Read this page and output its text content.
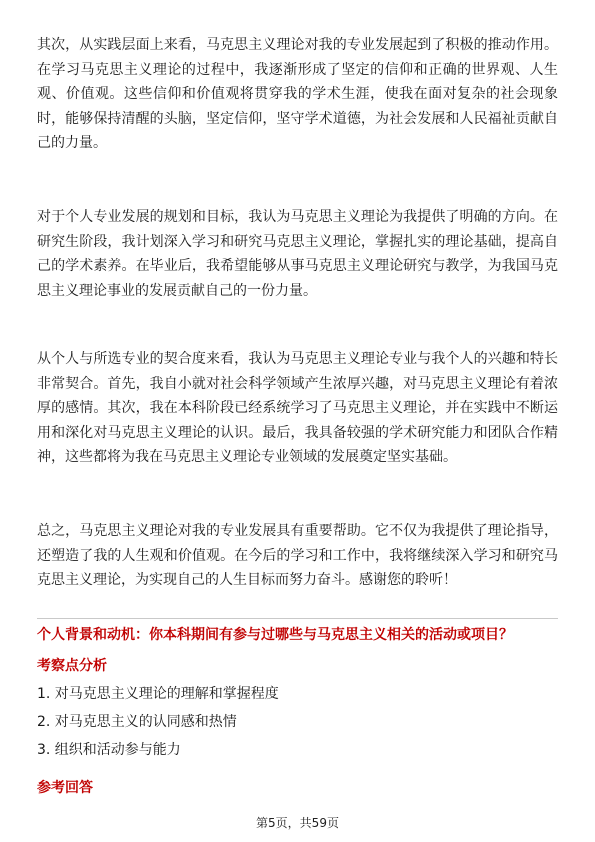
其次，从实践层面上来看，马克思主义理论对我的专业发展起到了积极的推动作用。在学习马克思主义理论的过程中，我逐渐形成了坚定的信仰和正确的世界观、人生观、价值观。这些信仰和价值观将贯穿我的学术生涯，使我在面对复杂的社会现象时，能够保持清醒的头脑，坚定信仰，坚守学术道德，为社会发展和人民福祉贡献自己的力量。

对于个人专业发展的规划和目标，我认为马克思主义理论为我提供了明确的方向。在研究生阶段，我计划深入学习和研究马克思主义理论，掌握扎实的理论基础，提高自己的学术素养。在毕业后，我希望能够从事马克思主义理论研究与教学，为我国马克思主义理论事业的发展贡献自己的一份力量。

从个人与所选专业的契合度来看，我认为马克思主义理论专业与我个人的兴趣和特长非常契合。首先，我自小就对社会科学领域产生浓厚兴趣，对马克思主义理论有着浓厚的感情。其次，我在本科阶段已经系统学习了马克思主义理论，并在实践中不断运用和深化对马克思主义理论的认识。最后，我具备较强的学术研究能力和团队合作精神，这些都将为我在马克思主义理论专业领域的发展奠定坚实基础。

总之，马克思主义理论对我的专业发展具有重要帮助。它不仅为我提供了理论指导，还塑造了我的人生观和价值观。在今后的学习和工作中，我将继续深入学习和研究马克思主义理论，为实现自己的人生目标而努力奋斗。感谢您的聆听！

个人背景和动机：你本科期间有参与过哪些与马克思主义相关的活动或项目？

考察点分析

1. 对马克思主义理论的理解和掌握程度

2. 对马克思主义的认同感和热情

3. 组织和活动参与能力

参考回答

第5页，共59页
